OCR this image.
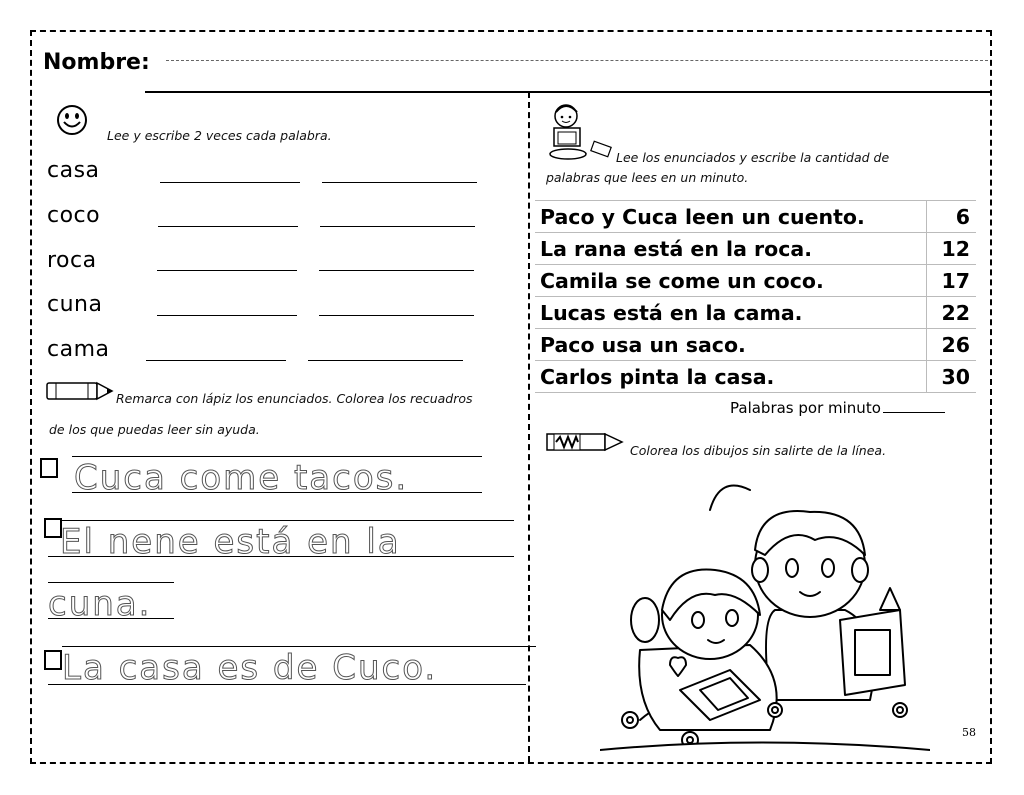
Nombre:
Lee y escribe 2 veces cada palabra.
casa
coco
roca
cuna
cama
Remarca con lápiz los enunciados. Colorea los recuadros
de los que puedas leer sin ayuda.
Cuca come tacos.
El nene está en la
cuna.
La casa es de Cuco.
Lee los enunciados y escribe la cantidad de
palabras que lees en un minuto.
Paco y Cuca leen un cuento.	6
La rana está en la roca.	12
Camila se come un coco.	17
Lucas está en la cama.	22
Paco usa un saco.	26
Carlos pinta la casa.	30
Palabras por minuto
Colorea los dibujos sin salirte de la línea.
58
